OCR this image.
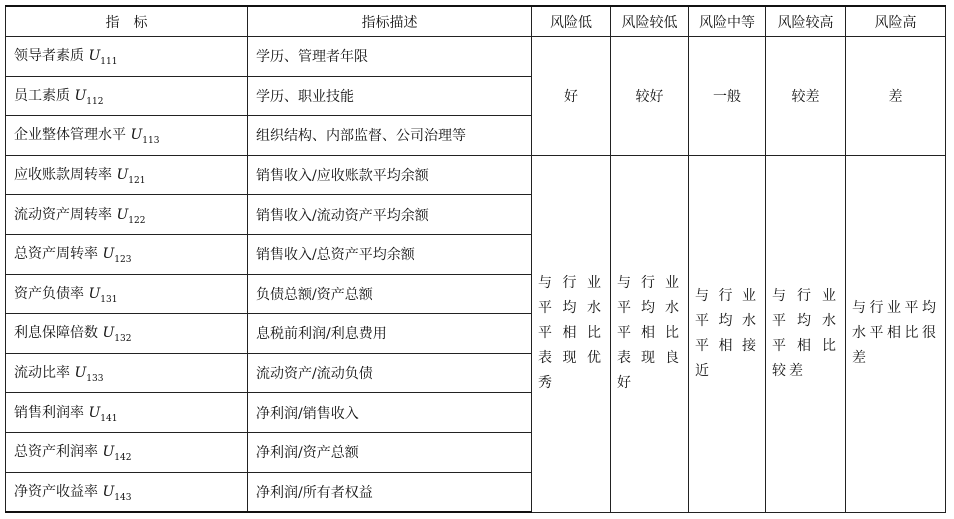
指　标	指标描述	风险低	风险较低	风险中等	风险较高	风险高
领导者素质 $U_{111}$	学历、管理者年限	好	较好	一般	较差	差
员工素质 $U_{112}$	学历、职业技能					
企业整体管理水平 $U_{113}$	组织结构、内部监督、公司治理等					
应收账款周转率 $U_{121}$	销售收入/应收账款平均余额	与行业平均水平相比表现优秀	与行业平均水平相比表现良好	与行业平均水平相接近	与行业平均水平相比较差	与行业平均水平相比很差
流动资产周转率 $U_{122}$	销售收入/流动资产平均余额					
总资产周转率 $U_{123}$	销售收入/总资产平均余额					
资产负债率 $U_{131}$	负债总额/资产总额					
利息保障倍数 $U_{132}$	息税前利润/利息费用					
流动比率 $U_{133}$	流动资产/流动负债					
销售利润率 $U_{141}$	净利润/销售收入					
总资产利润率 $U_{142}$	净利润/资产总额					
净资产收益率 $U_{143}$	净利润/所有者权益					
